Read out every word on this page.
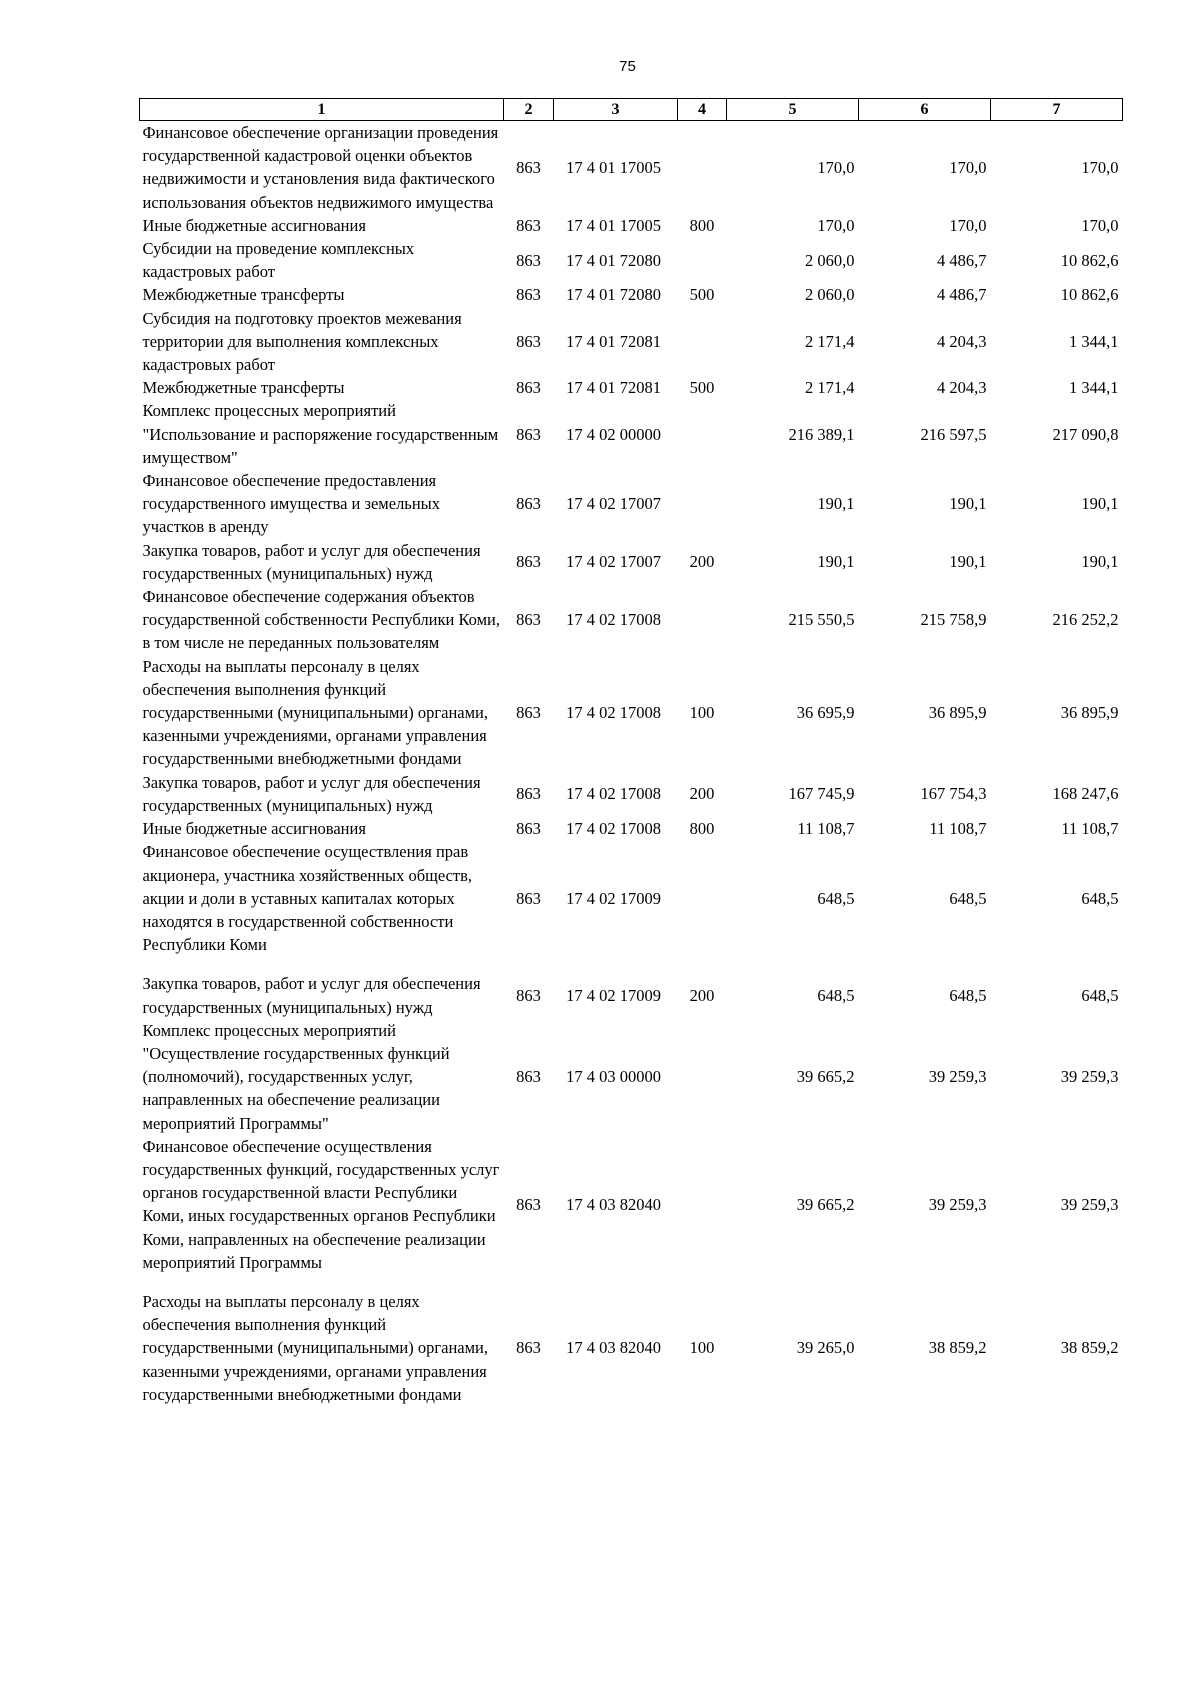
75
1	2	3	4	5	6	7
Финансовое обеспечение организации проведения государственной кадастровой оценки объектов недвижимости и установления вида фактического использования объектов недвижимого имущества	863	17 4 01 17005		170,0	170,0	170,0
Иные бюджетные ассигнования	863	17 4 01 17005	800	170,0	170,0	170,0
Субсидии на проведение комплексных кадастровых работ	863	17 4 01 72080		2 060,0	4 486,7	10 862,6
Межбюджетные трансферты	863	17 4 01 72080	500	2 060,0	4 486,7	10 862,6
Субсидия на подготовку проектов межевания территории для выполнения комплексных кадастровых работ	863	17 4 01 72081		2 171,4	4 204,3	1 344,1
Межбюджетные трансферты	863	17 4 01 72081	500	2 171,4	4 204,3	1 344,1
Комплекс процессных мероприятий "Использование и распоряжение государственным имуществом"	863	17 4 02 00000		216 389,1	216 597,5	217 090,8
Финансовое обеспечение предоставления государственного имущества и земельных участков в аренду	863	17 4 02 17007		190,1	190,1	190,1
Закупка товаров, работ и услуг для обеспечения государственных (муниципальных) нужд	863	17 4 02 17007	200	190,1	190,1	190,1
Финансовое обеспечение содержания объектов государственной собственности Республики Коми, в том числе не переданных пользователям	863	17 4 02 17008		215 550,5	215 758,9	216 252,2
Расходы на выплаты персоналу в целях обеспечения выполнения функций государственными (муниципальными) органами, казенными учреждениями, органами управления государственными внебюджетными фондами	863	17 4 02 17008	100	36 695,9	36 895,9	36 895,9
Закупка товаров, работ и услуг для обеспечения государственных (муниципальных) нужд	863	17 4 02 17008	200	167 745,9	167 754,3	168 247,6
Иные бюджетные ассигнования	863	17 4 02 17008	800	11 108,7	11 108,7	11 108,7
Финансовое обеспечение осуществления прав акционера, участника хозяйственных обществ, акции и доли в уставных капиталах которых находятся в государственной собственности Республики Коми	863	17 4 02 17009		648,5	648,5	648,5

Закупка товаров, работ и услуг для обеспечения государственных (муниципальных) нужд	863	17 4 02 17009	200	648,5	648,5	648,5
Комплекс процессных мероприятий "Осуществление государственных функций (полномочий), государственных услуг, направленных на обеспечение реализации мероприятий Программы"	863	17 4 03 00000		39 665,2	39 259,3	39 259,3
Финансовое обеспечение осуществления государственных функций, государственных услуг органов государственной власти Республики Коми, иных государственных органов Республики Коми, направленных на обеспечение реализации мероприятий Программы	863	17 4 03 82040		39 665,2	39 259,3	39 259,3

Расходы на выплаты персоналу в целях обеспечения выполнения функций государственными (муниципальными) органами, казенными учреждениями, органами управления государственными внебюджетными фондами	863	17 4 03 82040	100	39 265,0	38 859,2	38 859,2
